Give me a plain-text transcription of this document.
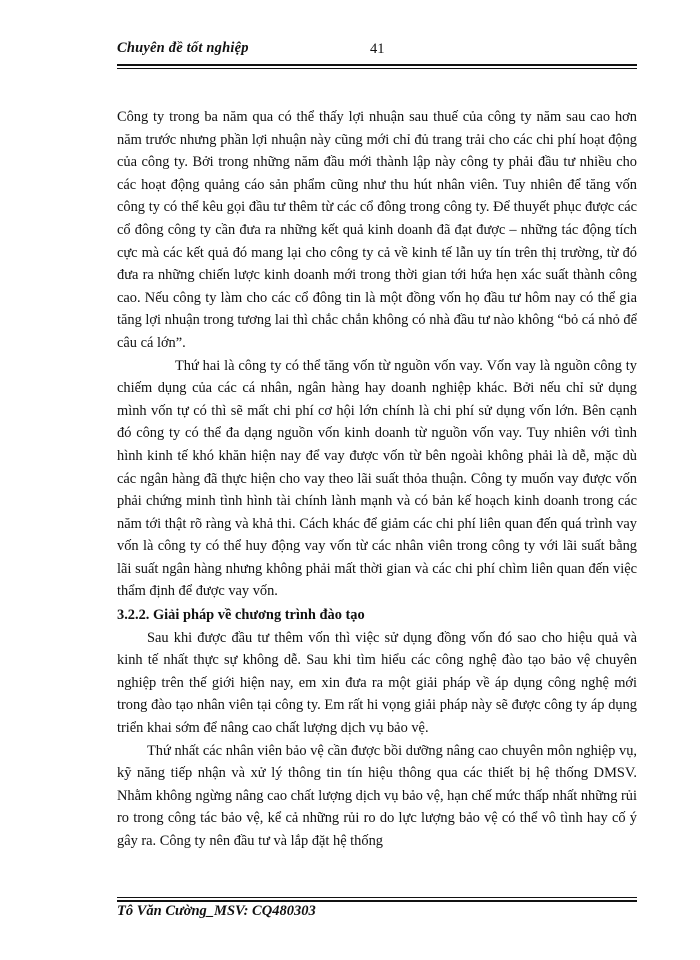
Chuyên đề tốt nghiệp	41

Công ty trong ba năm qua có thể thấy lợi nhuận sau thuế của công ty năm sau cao hơn năm trước nhưng phần lợi nhuận này cũng mới chỉ đủ trang trải cho các chi phí hoạt động của công ty. Bởi trong những năm đầu mới thành lập này công ty phải đầu tư nhiều cho các hoạt động quảng cáo sản phẩm cũng như thu hút nhân viên. Tuy nhiên để tăng vốn công ty có thể kêu gọi đầu tư thêm từ các cổ đông trong công ty. Để thuyết phục được các cổ đông công ty cần đưa ra những kết quả kinh doanh đã đạt được – những tác động tích cực mà các kết quả đó mang lại cho công ty cả về kinh tế lẫn uy tín trên thị trường, từ đó đưa ra những chiến lược kinh doanh mới trong thời gian tới hứa hẹn xác suất thành công cao. Nếu công ty làm cho các cổ đông tin là một đồng vốn họ đầu tư hôm nay có thể gia tăng lợi nhuận trong tương lai thì chắc chắn không có nhà đầu tư nào không “bỏ cá nhỏ để câu cá lớn”.

Thứ hai là công ty có thể tăng vốn từ nguồn vốn vay. Vốn vay là nguồn công ty chiếm dụng của các cá nhân, ngân hàng hay doanh nghiệp khác. Bởi nếu chỉ sử dụng mình vốn tự có thì sẽ mất chi phí cơ hội lớn chính là chi phí sử dụng vốn lớn. Bên cạnh đó công ty có thể đa dạng nguồn vốn kinh doanh từ nguồn vốn vay. Tuy nhiên với tình hình kinh tế khó khăn hiện nay để vay được vốn từ bên ngoài không phải là dễ, mặc dù các ngân hàng đã thực hiện cho vay theo lãi suất thỏa thuận. Công ty muốn vay được vốn phải chứng minh tình hình tài chính lành mạnh và có bản kế hoạch kinh doanh trong các năm tới thật rõ ràng và khả thi. Cách khác để giảm các chi phí liên quan đến quá trình vay vốn là công ty có thể huy động vay vốn từ các nhân viên trong công ty với lãi suất bằng lãi suất ngân hàng nhưng không phải mất thời gian và các chi phí chìm liên quan đến việc thẩm định để được vay vốn.

3.2.2. Giải pháp về chương trình đào tạo

Sau khi được đầu tư thêm vốn thì việc sử dụng đồng vốn đó sao cho hiệu quả và kinh tế nhất thực sự không dễ. Sau khi tìm hiểu các công nghệ đào tạo bảo vệ chuyên nghiệp trên thế giới hiện nay, em xin đưa ra một giải pháp về áp dụng công nghệ mới trong đào tạo nhân viên tại công ty. Em rất hi vọng giải pháp này sẽ được công ty áp dụng triển khai sớm để nâng cao chất lượng dịch vụ bảo vệ.

Thứ nhất các nhân viên bảo vệ cần được bồi dưỡng nâng cao chuyên môn nghiệp vụ, kỹ năng tiếp nhận và xử lý thông tin tín hiệu thông qua các thiết bị hệ thống DMSV. Nhằm không ngừng nâng cao chất lượng dịch vụ bảo vệ, hạn chế mức thấp nhất những rủi ro trong công tác bảo vệ, kể cả những rủi ro do lực lượng bảo vệ có thể vô tình hay cố ý gây ra. Công ty nên đầu tư và lắp đặt hệ thống

Tô Văn Cường_MSV: CQ480303
